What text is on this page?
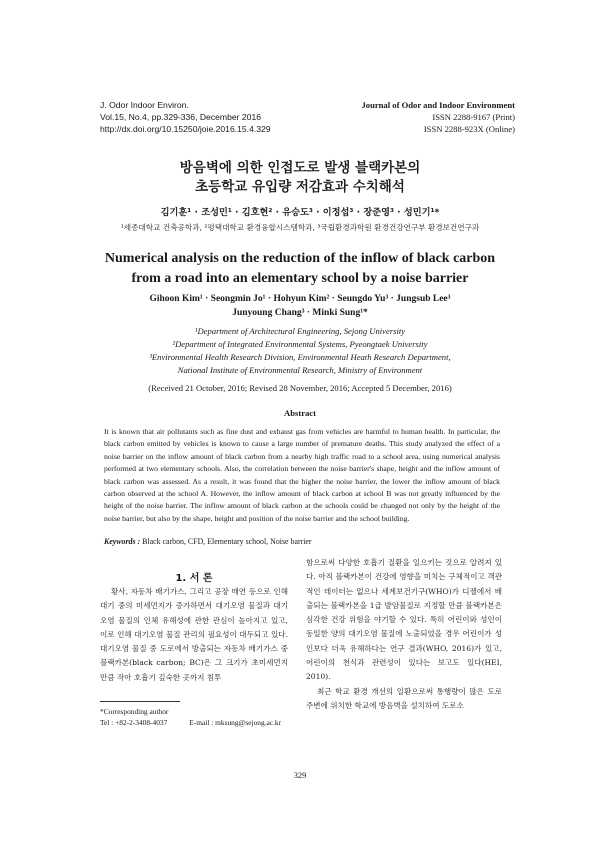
J. Odor Indoor Environ.
Vol.15, No.4, pp.329-336, December 2016
http://dx.doi.org/10.15250/joie.2016.15.4.329
Journal of Odor and Indoor Environment
ISSN 2288-9167 (Print)
ISSN 2288-923X (Online)
방음벽에 의한 인접도로 발생 블랙카본의
초등학교 유입량 저감효과 수치해석
김기훈¹ · 조성민¹ · 김호현² · 유승도³ · 이정섭³ · 장준영³ · 성민기¹*
¹세종대학교 건축공학과, ²평택대학교 환경융합시스템학과, ³국립환경과학원 환경건강연구부 환경보건연구과
Numerical analysis on the reduction of the inflow of black carbon
from a road into an elementary school by a noise barrier
Gihoon Kim¹ · Seongmin Jo¹ · Hohyun Kim² · Seungdo Yu³ · Jungsub Lee³
Junyoung Chang³ · Minki Sung¹*
¹Department of Architectural Engineering, Sejong University
²Department of Integrated Environmental Systems, Pyeongtaek University
³Environmental Health Research Division, Environmental Heath Research Department,
National Institute of Environmental Research, Ministry of Environment
(Received 21 October, 2016; Revised 28 November, 2016; Accepted 5 December, 2016)
Abstract
It is known that air pollutants such as fine dust and exhaust gas from vehicles are harmful to human health. In particular, the black carbon emitted by vehicles is known to cause a large number of premature deaths. This study analyzed the effect of a noise barrier on the inflow amount of black carbon from a nearby high traffic road to a school area, using numerical analysis performed at two elementary schools. Also, the correlation between the noise barrier's shape, height and the inflow amount of black carbon was assessed. As a result, it was found that the higher the noise barrier, the lower the inflow amount of black carbon observed at the school A. However, the inflow amount of black carbon at school B was not greatly influenced by the height of the noise barrier. The inflow amount of black carbon at the schools could be changed not only by the height of the noise barrier, but also by the shape, height and position of the noise barrier and the school building.
Keywords : Black carbon, CFD, Elementary school, Noise barrier
1. 서 론
황사, 자동차 배기가스, 그리고 공장 매연 등으로 인해 대기 중의 미세먼지가 증가하면서 대기오염 물질과 대기오염 물질의 인체 유해성에 관한 관심이 높아지고 있고, 이로 인해 대기오염 물질 관리의 필요성이 대두되고 있다. 대기오염 물질 중 도로에서 방출되는 자동차 배기가스 중 블랙카본(black carbon; BC)은 그 크기가 초미세먼지 만큼 작아 호흡기 깊숙한 곳까지 침투
함으로써 다양한 호흡기 질환을 일으키는 것으로 알려져 있다. 아직 블랙카본이 건강에 영향을 미치는 구체적이고 객관적인 데이터는 없으나 세계보건기구(WHO)가 디젤에서 배출되는 블랙카본을 1급 발암물질로 지정할 만큼 블랙카본은 심각한 건강 위험을 야기할 수 있다. 특히 어린이와 성인이 동일한 양의 대기오염 물질에 노출되었을 경우 어린이가 성인보다 더욱 유해하다는 연구 결과(WHO, 2016)가 있고, 어린이의 천식과 관련성이 있다는 보고도 있다(HEI, 2010).
최근 학교 환경 개선의 일환으로써 통행량이 많은 도로 주변에 위치한 학교에 방음벽을 설치하여 도로소
*Corresponding author
Tel : +82-2-3408-4037	E-mail : mksung@sejong.ac.kr
329
